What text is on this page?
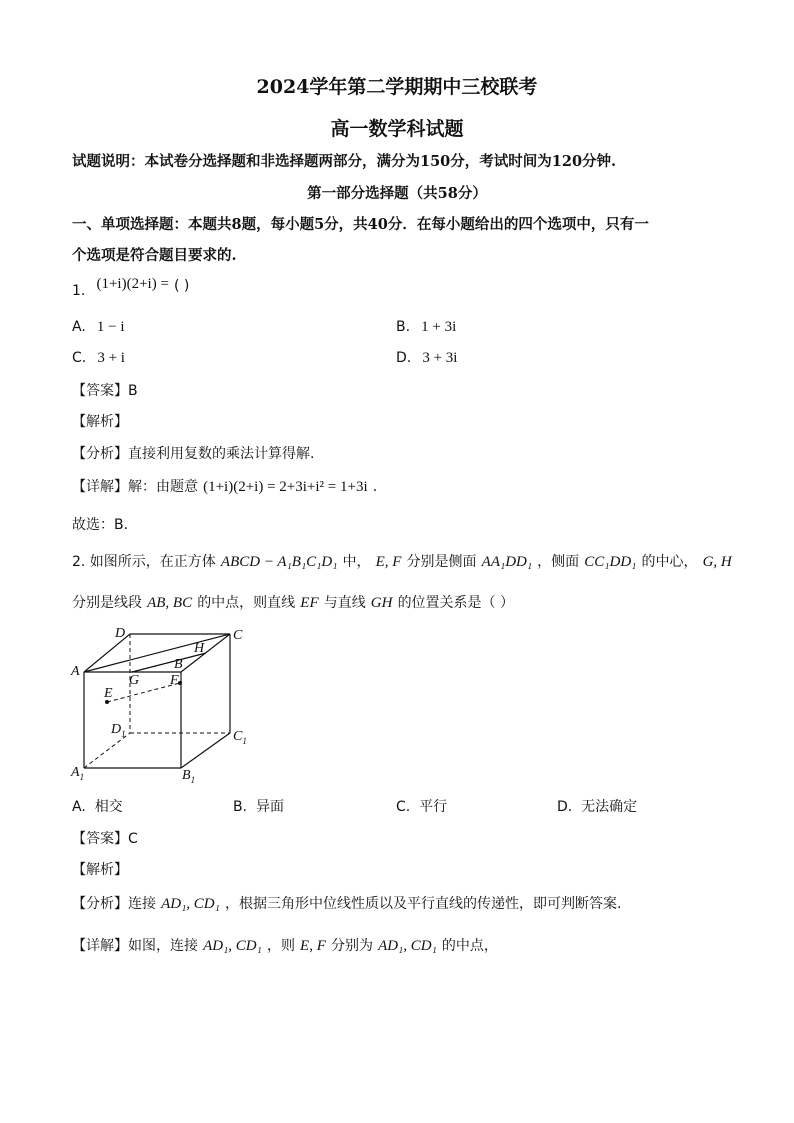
2024学年第二学期期中三校联考
高一数学科试题
试题说明：本试卷分选择题和非选择题两部分，满分为150分，考试时间为120分钟.
第一部分选择题（共58分）
一、单项选择题：本题共8题，每小题5分，共40分．在每小题给出的四个选项中，只有一
个选项是符合题目要求的.
1. (1+i)(2+i) = ( )
A. 1 − i	B. 1 + 3i
C. 3 + i	D. 3 + 3i
【答案】B
【解析】
【分析】直接利用复数的乘法计算得解.
【详解】解：由题意 (1+i)(2+i) = 2+3i+i² = 1+3i .
故选：B.
2. 如图所示，在正方体 ABCD − A₁B₁C₁D₁ 中， E, F 分别是侧面 AA₁DD₁ ，侧面 CC₁DD₁ 的中心， G, H
分别是线段 AB, BC 的中点，则直线 EF 与直线 GH 的位置关系是（ ）
D	C
A	B
H
G F
E
$D_1$	$C_1$
$A_1$	$B_1$
A. 相交	B. 异面	C. 平行	D. 无法确定
【答案】C
【解析】
【分析】连接 AD₁, CD₁ ，根据三角形中位线性质以及平行直线的传递性，即可判断答案.
【详解】如图，连接 AD₁, CD₁ ，则 E, F 分别为 AD₁, CD₁ 的中点，
